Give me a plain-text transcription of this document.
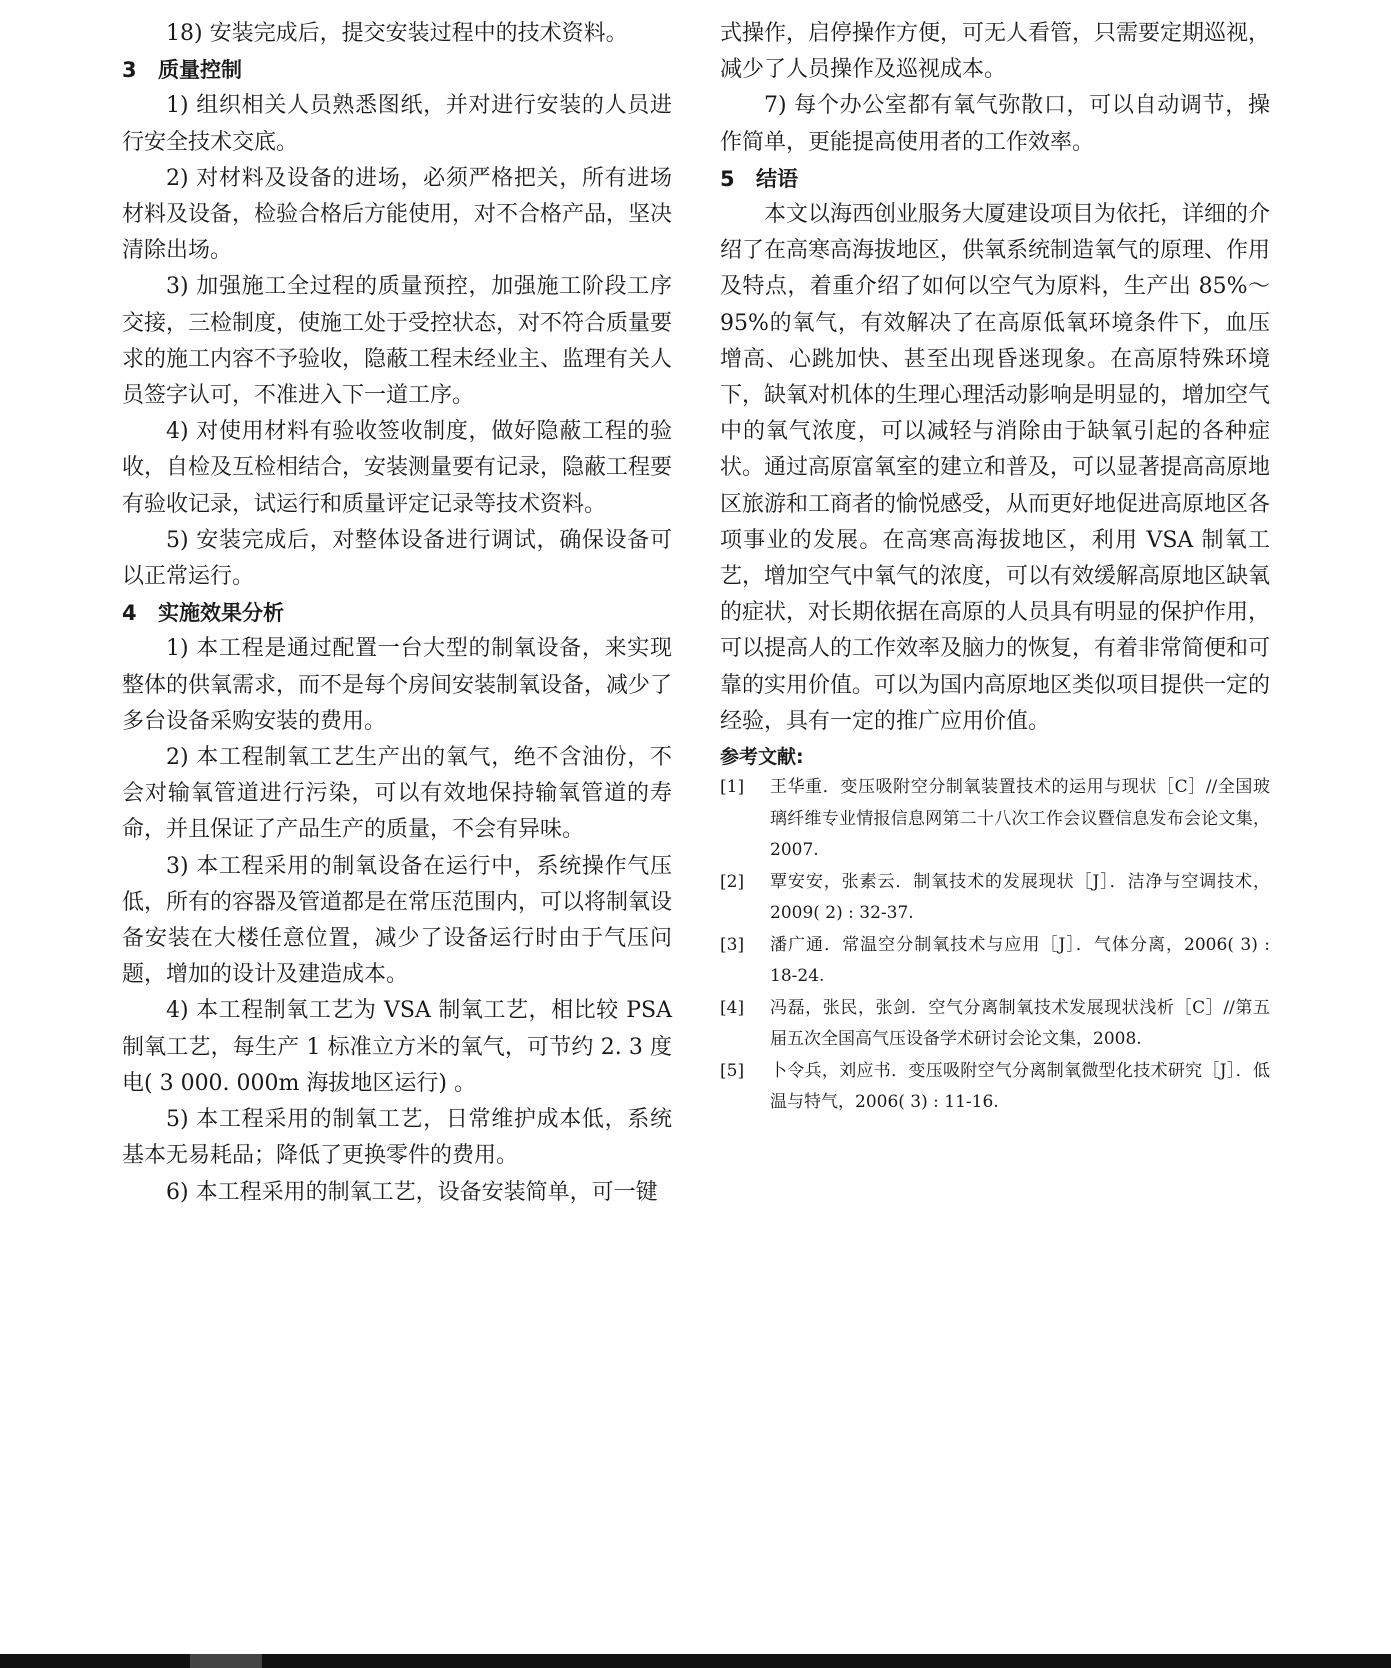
18) 安装完成后，提交安装过程中的技术资料。

3 质量控制

1) 组织相关人员熟悉图纸，并对进行安装的人员进行安全技术交底。

2) 对材料及设备的进场，必须严格把关，所有进场材料及设备，检验合格后方能使用，对不合格产品，坚决清除出场。

3) 加强施工全过程的质量预控，加强施工阶段工序交接，三检制度，使施工处于受控状态，对不符合质量要求的施工内容不予验收，隐蔽工程未经业主、监理有关人员签字认可，不准进入下一道工序。

4) 对使用材料有验收签收制度，做好隐蔽工程的验收，自检及互检相结合，安装测量要有记录，隐蔽工程要有验收记录，试运行和质量评定记录等技术资料。

5) 安装完成后，对整体设备进行调试，确保设备可以正常运行。

4 实施效果分析

1) 本工程是通过配置一台大型的制氧设备，来实现整体的供氧需求，而不是每个房间安装制氧设备，减少了多台设备采购安装的费用。

2) 本工程制氧工艺生产出的氧气，绝不含油份，不会对输氧管道进行污染，可以有效地保持输氧管道的寿命，并且保证了产品生产的质量，不会有异味。

3) 本工程采用的制氧设备在运行中，系统操作气压低，所有的容器及管道都是在常压范围内，可以将制氧设备安装在大楼任意位置，减少了设备运行时由于气压问题，增加的设计及建造成本。

4) 本工程制氧工艺为 VSA 制氧工艺，相比较 PSA 制氧工艺，每生产 1 标准立方米的氧气，可节约 2. 3 度电( 3 000. 000m 海拔地区运行) 。

5) 本工程采用的制氧工艺，日常维护成本低，系统基本无易耗品；降低了更换零件的费用。

6) 本工程采用的制氧工艺，设备安装简单，可一键

式操作，启停操作方便，可无人看管，只需要定期巡视，减少了人员操作及巡视成本。

7) 每个办公室都有氧气弥散口，可以自动调节，操作简单，更能提高使用者的工作效率。

5 结语

本文以海西创业服务大厦建设项目为依托，详细的介绍了在高寒高海拔地区，供氧系统制造氧气的原理、作用及特点，着重介绍了如何以空气为原料，生产出 85%～95%的氧气，有效解决了在高原低氧环境条件下，血压增高、心跳加快、甚至出现昏迷现象。在高原特殊环境下，缺氧对机体的生理心理活动影响是明显的，增加空气中的氧气浓度，可以减轻与消除由于缺氧引起的各种症状。通过高原富氧室的建立和普及，可以显著提高高原地区旅游和工商者的愉悦感受，从而更好地促进高原地区各项事业的发展。在高寒高海拔地区，利用 VSA 制氧工艺，增加空气中氧气的浓度，可以有效缓解高原地区缺氧的症状，对长期依据在高原的人员具有明显的保护作用，可以提高人的工作效率及脑力的恢复，有着非常简便和可靠的实用价值。可以为国内高原地区类似项目提供一定的经验，具有一定的推广应用价值。

参考文献:
[1]	王华重．变压吸附空分制氧装置技术的运用与现状［C］//全国玻璃纤维专业情报信息网第二十八次工作会议暨信息发布会论文集，2007.
[2]	覃安安，张素云．制氧技术的发展现状［J］．洁净与空调技术，2009( 2) : 32-37.
[3]	潘广通．常温空分制氧技术与应用［J］．气体分离，2006( 3) : 18-24.
[4]	冯磊，张民，张剑．空气分离制氧技术发展现状浅析［C］//第五届五次全国高气压设备学术研讨会论文集，2008.
[5]	卜令兵，刘应书．变压吸附空气分离制氧微型化技术研究［J］．低温与特气，2006( 3) : 11-16.
